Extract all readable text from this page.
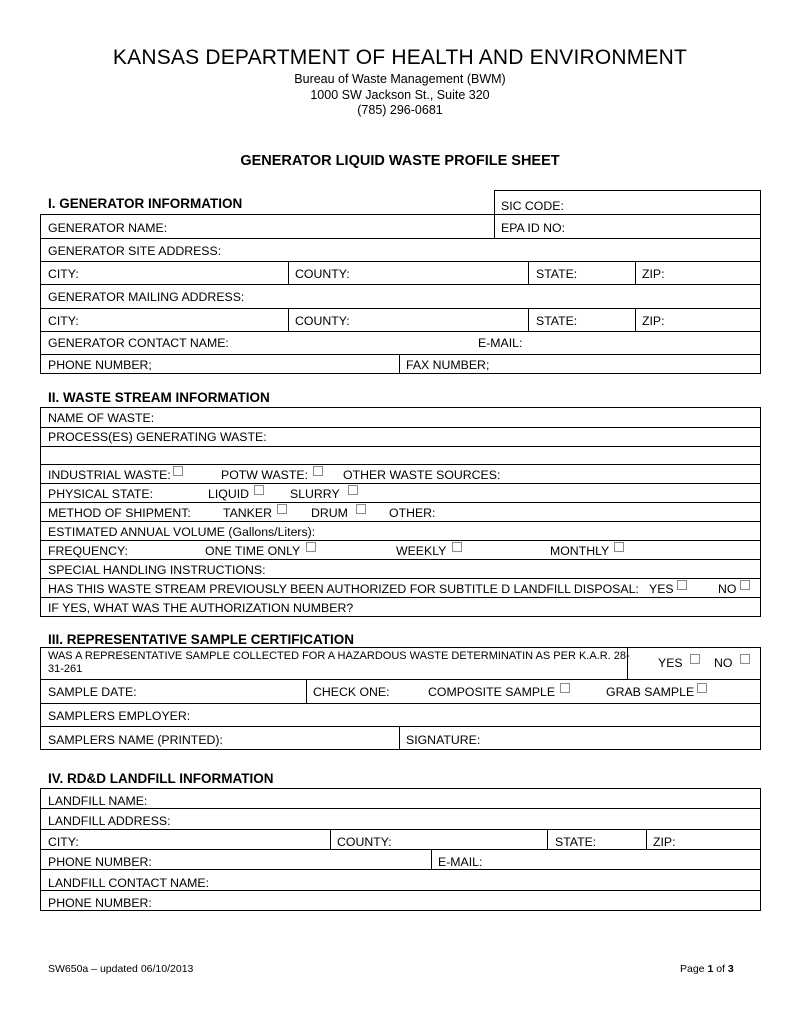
KANSAS DEPARTMENT OF HEALTH AND ENVIRONMENT
Bureau of Waste Management (BWM)
1000 SW Jackson St., Suite 320
(785) 296-0681
GENERATOR LIQUID WASTE PROFILE SHEET
I. GENERATOR INFORMATION	SIC CODE:
GENERATOR NAME:	EPA ID NO:
GENERATOR SITE ADDRESS:
CITY:	COUNTY:	STATE:	ZIP:
GENERATOR MAILING ADDRESS:
CITY:	COUNTY:	STATE:	ZIP:
GENERATOR CONTACT NAME:	E-MAIL:
PHONE NUMBER;	FAX NUMBER;
II. WASTE STREAM INFORMATION
NAME OF WASTE:
PROCESS(ES) GENERATING WASTE:
INDUSTRIAL WASTE:	POTW WASTE:	OTHER WASTE SOURCES:
PHYSICAL STATE:	LIQUID	SLURRY
METHOD OF SHIPMENT:	TANKER	DRUM	OTHER:
ESTIMATED ANNUAL VOLUME (Gallons/Liters):
FREQUENCY:	ONE TIME ONLY	WEEKLY	MONTHLY
SPECIAL HANDLING INSTRUCTIONS:
HAS THIS WASTE STREAM PREVIOUSLY BEEN AUTHORIZED FOR SUBTITLE D LANDFILL DISPOSAL: YES	NO
IF YES, WHAT WAS THE AUTHORIZATION NUMBER?
III. REPRESENTATIVE SAMPLE CERTIFICATION
WAS A REPRESENTATIVE SAMPLE COLLECTED FOR A HAZARDOUS WASTE DETERMINATIN AS PER K.A.R. 28-
31-261	YES	NO
SAMPLE DATE:	CHECK ONE:	COMPOSITE SAMPLE	GRAB SAMPLE
SAMPLERS EMPLOYER:
SAMPLERS NAME (PRINTED):	SIGNATURE:
IV. RD&D LANDFILL INFORMATION
LANDFILL NAME:
LANDFILL ADDRESS:
CITY:	COUNTY:	STATE:	ZIP:
PHONE NUMBER:	E-MAIL:
LANDFILL CONTACT NAME:
PHONE NUMBER:
SW650a – updated 06/10/2013	Page 1 of 3
